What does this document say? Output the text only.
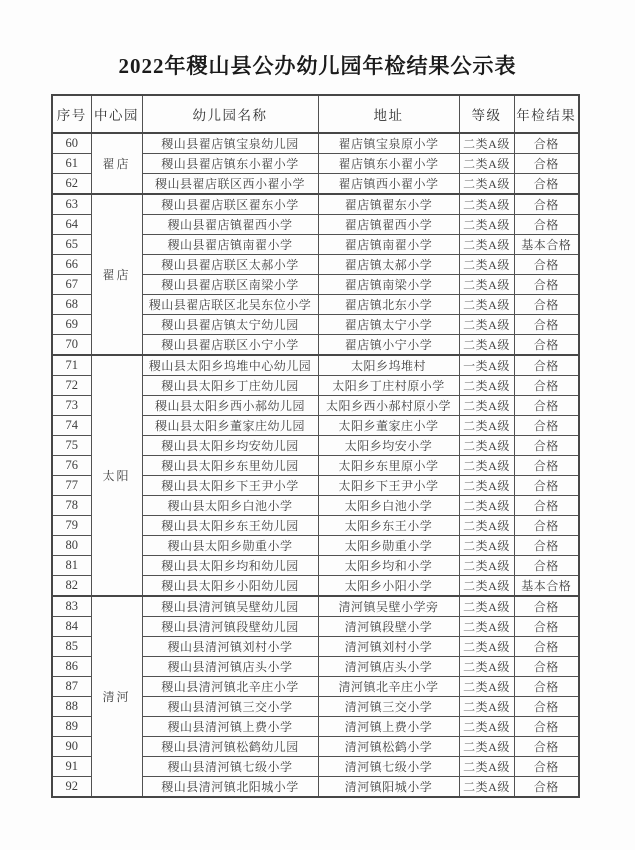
2022年稷山县公办幼儿园年检结果公示表
序号	中心园	幼儿园名称	地址	等级	年检结果
60	翟店	稷山县翟店镇宝泉幼儿园	翟店镇宝泉原小学	二类A级	合格
61		稷山县翟店镇东小翟小学	翟店镇东小翟小学	二类A级	合格
62		稷山县翟店联区西小翟小学	翟店镇西小翟小学	二类A级	合格
63	翟店	稷山县翟店联区翟东小学	翟店镇翟东小学	二类A级	合格
64		稷山县翟店镇翟西小学	翟店镇翟西小学	二类A级	合格
65		稷山县翟店镇南翟小学	翟店镇南翟小学	二类A级	基本合格
66		稷山县翟店联区太郝小学	翟店镇太郝小学	二类A级	合格
67		稷山县翟店联区南梁小学	翟店镇南梁小学	二类A级	合格
68		稷山县翟店联区北吴东位小学	翟店镇北东小学	二类A级	合格
69		稷山县翟店镇太宁幼儿园	翟店镇太宁小学	二类A级	合格
70		稷山县翟店联区小宁小学	翟店镇小宁小学	二类A级	合格
71	太阳	稷山县太阳乡坞堆中心幼儿园	太阳乡坞堆村	一类A级	合格
72		稷山县太阳乡丁庄幼儿园	太阳乡丁庄村原小学	二类A级	合格
73		稷山县太阳乡西小郝幼儿园	太阳乡西小郝村原小学	二类A级	合格
74		稷山县太阳乡董家庄幼儿园	太阳乡董家庄小学	二类A级	合格
75		稷山县太阳乡均安幼儿园	太阳乡均安小学	二类A级	合格
76		稷山县太阳乡东里幼儿园	太阳乡东里原小学	二类A级	合格
77		稷山县太阳乡下王尹小学	太阳乡下王尹小学	二类A级	合格
78		稷山县太阳乡白池小学	太阳乡白池小学	二类A级	合格
79		稷山县太阳乡东王幼儿园	太阳乡东王小学	二类A级	合格
80		稷山县太阳乡勋重小学	太阳乡勋重小学	二类A级	合格
81		稷山县太阳乡均和幼儿园	太阳乡均和小学	二类A级	合格
82		稷山县太阳乡小阳幼儿园	太阳乡小阳小学	二类A级	基本合格
83	清河	稷山县清河镇吴壁幼儿园	清河镇吴壁小学旁	二类A级	合格
84		稷山县清河镇段壁幼儿园	清河镇段壁小学	二类A级	合格
85		稷山县清河镇刘村小学	清河镇刘村小学	二类A级	合格
86		稷山县清河镇店头小学	清河镇店头小学	二类A级	合格
87		稷山县清河镇北辛庄小学	清河镇北辛庄小学	二类A级	合格
88		稷山县清河镇三交小学	清河镇三交小学	二类A级	合格
89		稷山县清河镇上费小学	清河镇上费小学	二类A级	合格
90		稷山县清河镇松鹤幼儿园	清河镇松鹤小学	二类A级	合格
91		稷山县清河镇七级小学	清河镇七级小学	二类A级	合格
92		稷山县清河镇北阳城小学	清河镇阳城小学	二类A级	合格
